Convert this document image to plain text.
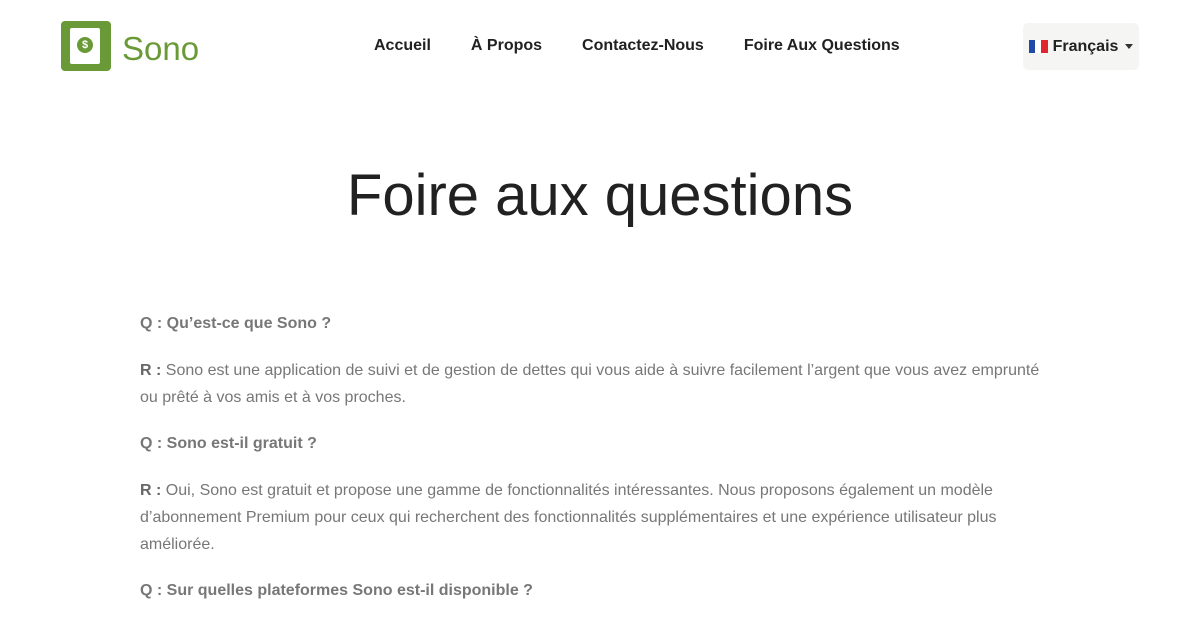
$ Sono	Accueil	À Propos	Contactez-Nous	Foire Aux Questions	Français
Foire aux questions
Q : Qu’est-ce que Sono ?
R : Sono est une application de suivi et de gestion de dettes qui vous aide à suivre facilement l’argent que vous avez emprunté ou prêté à vos amis et à vos proches.
Q : Sono est-il gratuit ?
R : Oui, Sono est gratuit et propose une gamme de fonctionnalités intéressantes. Nous proposons également un modèle d’abonnement Premium pour ceux qui recherchent des fonctionnalités supplémentaires et une expérience utilisateur plus améliorée.
Q : Sur quelles plateformes Sono est-il disponible ?
